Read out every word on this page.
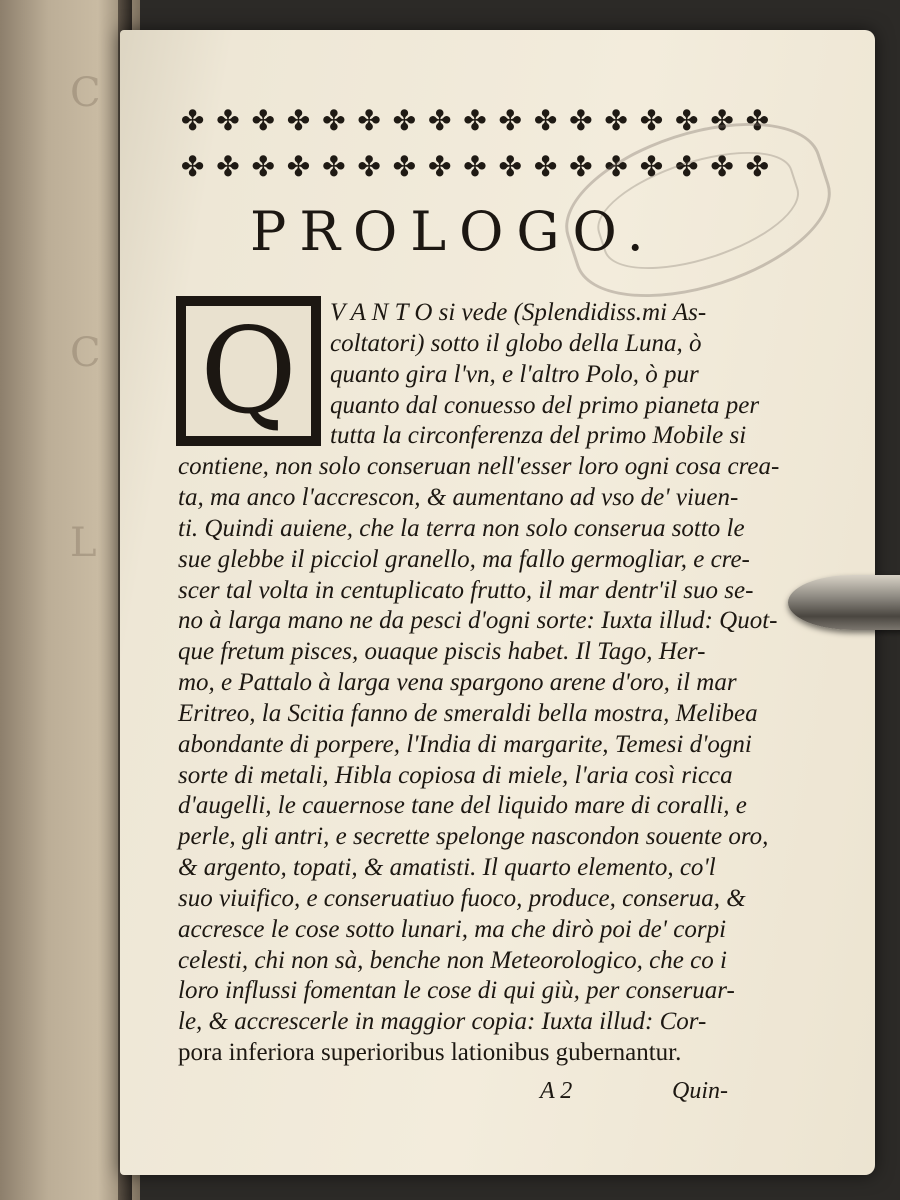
C
C
L
✤ ✤ ✤ ✤ ✤ ✤ ✤ ✤ ✤ ✤ ✤ ✤ ✤ ✤ ✤ ✤ ✤
✤ ✤ ✤ ✤ ✤ ✤ ✤ ✤ ✤ ✤ ✤ ✤ ✤ ✤ ✤ ✤ ✤
PROLOGO.
Q V A N T O si vede (Splendidiss.mi As-
coltatori) sotto il globo della Luna, ò
quanto gira l'vn, e l'altro Polo, ò pur
quanto dal conuesso del primo pianeta per
tutta la circonferenza del primo Mobile si
contiene, non solo conseruan nell'esser loro ogni cosa crea-
ta, ma anco l'accrescon, & aumentano ad vso de' viuen-
ti. Quindi auiene, che la terra non solo conserua sotto le
sue glebbe il picciol granello, ma fallo germogliar, e cre-
scer tal volta in centuplicato frutto, il mar dentr'il suo se-
no à larga mano ne da pesci d'ogni sorte: Iuxta illud: Quot-
que fretum pisces, ouaque piscis habet. Il Tago, Her-
mo, e Pattalo à larga vena spargono arene d'oro, il mar
Eritreo, la Scitia fanno de smeraldi bella mostra, Melibea
abondante di porpere, l'India di margarite, Temesi d'ogni
sorte di metali, Hibla copiosa di miele, l'aria così ricca
d'augelli, le cauernose tane del liquido mare di coralli, e
perle, gli antri, e secrette spelonge nascondon souente oro,
& argento, topati, & amatisti. Il quarto elemento, co'l
suo viuifico, e conseruatiuo fuoco, produce, conserua, &
accresce le cose sotto lunari, ma che dirò poi de' corpi
celesti, chi non sà, benche non Meteorologico, che co i
loro influssi fomentan le cose di qui giù, per conseruar-
le, & accrescerle in maggior copia: Iuxta illud: Cor-
pora inferiora superioribus lationibus gubernantur.
A 2	Quin-
